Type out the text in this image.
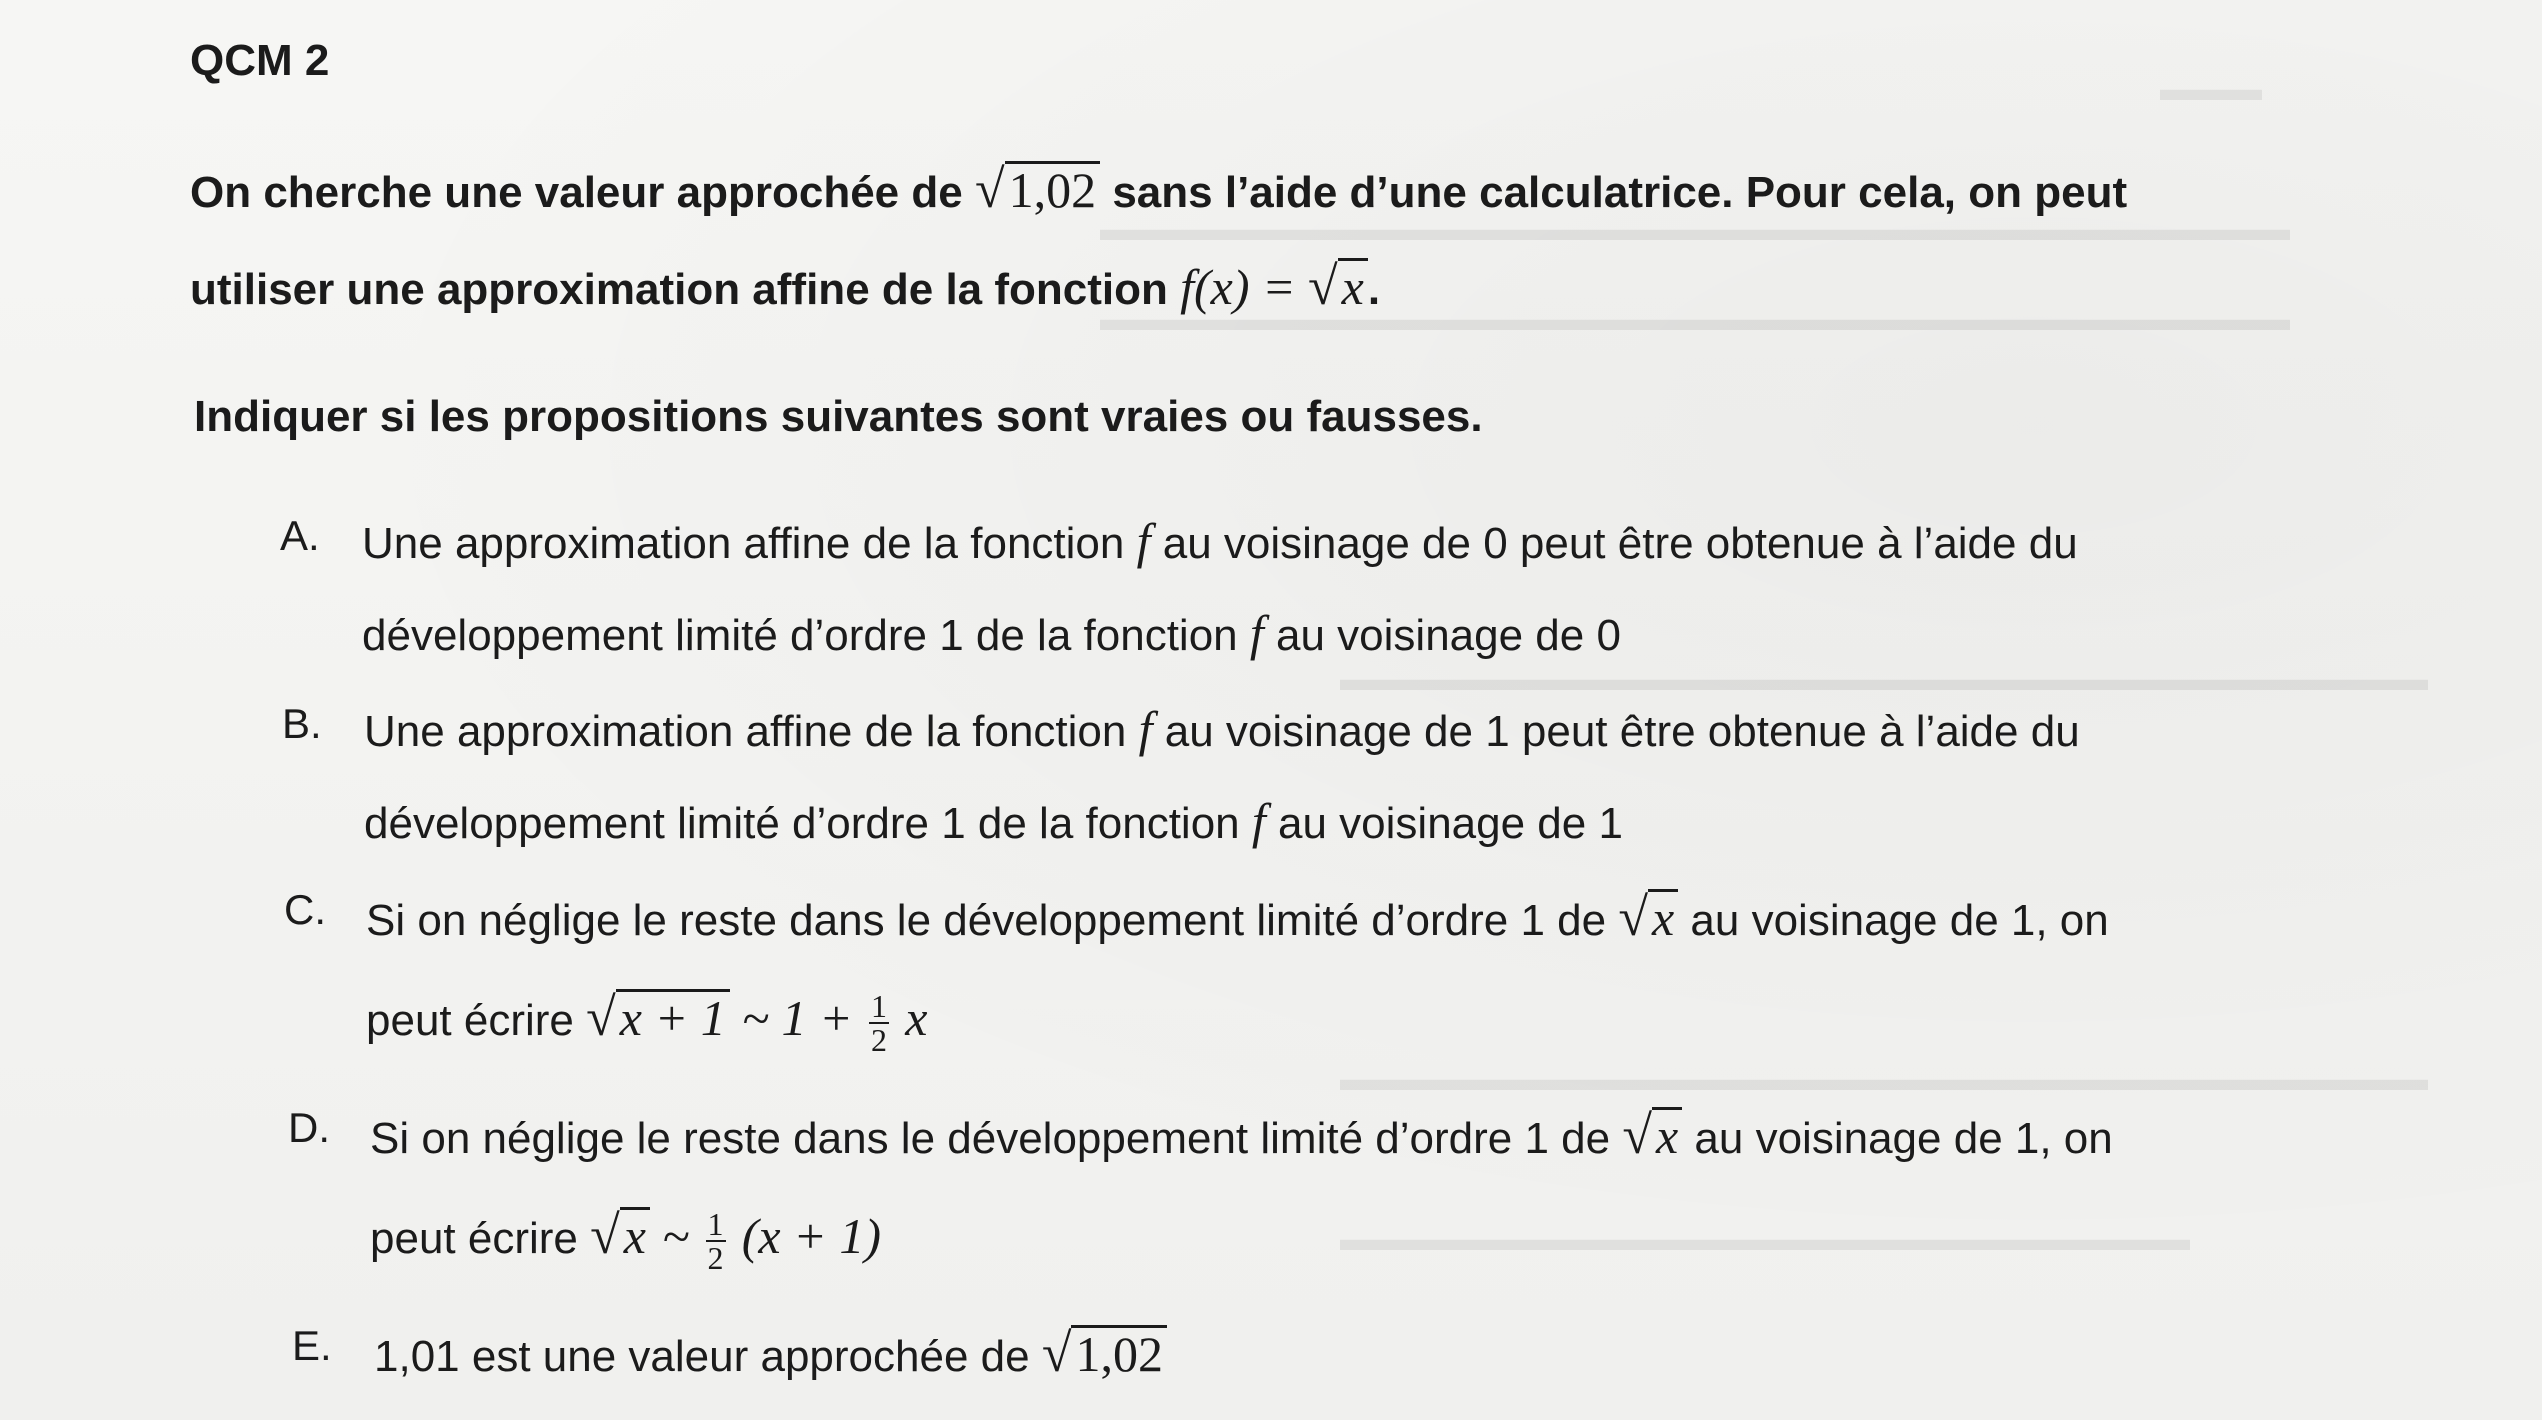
▬▬▬
▬▬▬▬▬▬▬▬▬▬▬▬▬▬▬▬▬▬▬▬▬▬▬▬▬▬▬▬▬▬▬▬▬▬▬
▬▬▬▬▬▬▬▬▬▬▬▬▬▬▬▬▬▬▬▬▬▬▬▬▬▬▬▬▬▬▬▬▬▬▬
▬▬▬▬▬▬▬▬▬▬▬▬▬▬▬▬▬▬▬▬▬▬▬▬▬▬▬▬▬▬▬▬
▬▬▬▬▬▬▬▬▬▬▬▬▬▬▬▬▬▬▬▬▬▬▬▬▬▬▬▬▬▬▬▬
▬▬▬▬▬▬▬▬▬▬▬▬▬▬▬▬▬▬▬▬▬▬▬▬▬
QCM 2
On cherche une valeur approchée de √1,02 sans l’aide d’une calculatrice. Pour cela, on peut
utiliser une approximation affine de la fonction f(x) = √x.
Indiquer si les propositions suivantes sont vraies ou fausses.
A. Une approximation affine de la fonction f au voisinage de 0 peut être obtenue à l’aide du
développement limité d’ordre 1 de la fonction f au voisinage de 0
B. Une approximation affine de la fonction f au voisinage de 1 peut être obtenue à l’aide du
développement limité d’ordre 1 de la fonction f au voisinage de 1
C. Si on néglige le reste dans le développement limité d’ordre 1 de √x au voisinage de 1, on
peut écrire √x + 1 ~ $1 + \frac{1}{2}$ x
D. Si on néglige le reste dans le développement limité d’ordre 1 de √x au voisinage de 1, on
peut écrire √x ~ $\frac{1}{2} (x + 1)$
E. 1,01 est une valeur approchée de √1,02
